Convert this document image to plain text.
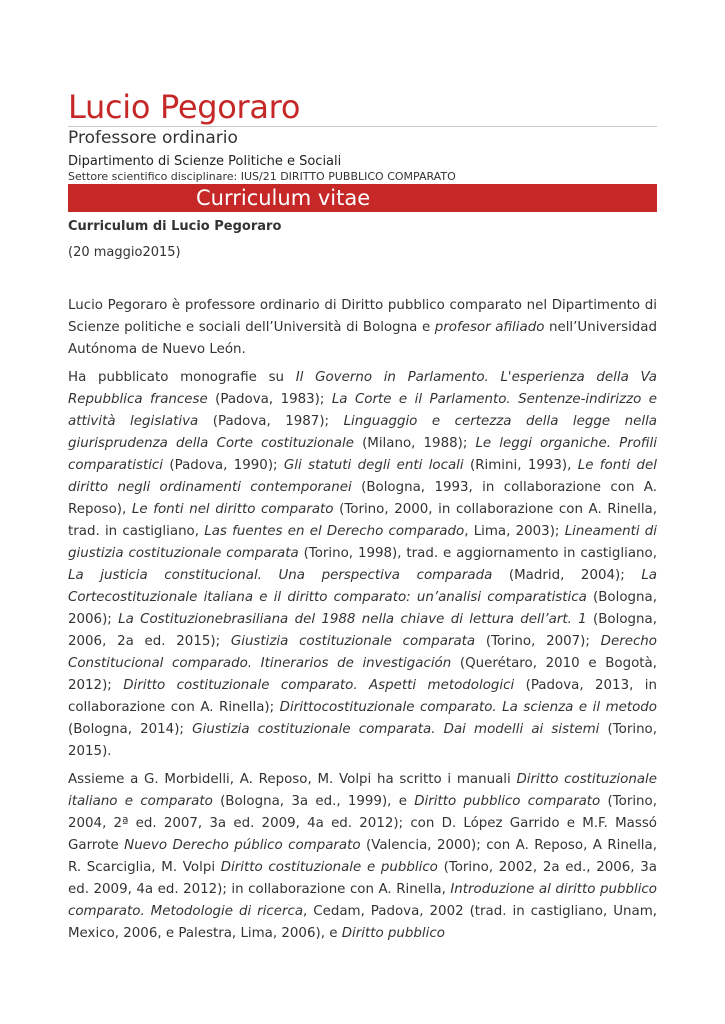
Lucio Pegoraro
Professore ordinario
Dipartimento di Scienze Politiche e Sociali
Settore scientifico disciplinare: IUS/21 DIRITTO PUBBLICO COMPARATO
Curriculum vitae
Curriculum di Lucio Pegoraro
(20 maggio2015)

Lucio Pegoraro è professore ordinario di Diritto pubblico comparato nel Dipartimento di Scienze politiche e sociali dell’Università di Bologna e profesor afiliado nell’Universidad Autónoma de Nuevo León.

Ha pubblicato monografie su Il Governo in Parlamento. L'esperienza della Va Repubblica francese (Padova, 1983); La Corte e il Parlamento. Sentenze-indirizzo e attività legislativa (Padova, 1987); Linguaggio e certezza della legge nella giurisprudenza della Corte costituzionale (Milano, 1988); Le leggi organiche. Profili comparatistici (Padova, 1990); Gli statuti degli enti locali (Rimini, 1993), Le fonti del diritto negli ordinamenti contemporanei (Bologna, 1993, in collaborazione con A. Reposo), Le fonti nel diritto comparato (Torino, 2000, in collaborazione con A. Rinella, trad. in castigliano, Las fuentes en el Derecho comparado, Lima, 2003); Lineamenti di giustizia costituzionale comparata (Torino, 1998), trad. e aggiornamento in castigliano, La justicia constitucional. Una perspectiva comparada (Madrid, 2004); La Cortecostituzionale italiana e il diritto comparato: un’analisi comparatistica (Bologna, 2006); La Costituzionebrasiliana del 1988 nella chiave di lettura dell’art. 1 (Bologna, 2006, 2a ed. 2015); Giustizia costituzionale comparata (Torino, 2007); Derecho Constitucional comparado. Itinerarios de investigación (Querétaro, 2010 e Bogotà, 2012); Diritto costituzionale comparato. Aspetti metodologici (Padova, 2013, in collaborazione con A. Rinella); Dirittocostituzionale comparato. La scienza e il metodo (Bologna, 2014); Giustizia costituzionale comparata. Dai modelli ai sistemi (Torino, 2015).

Assieme a G. Morbidelli, A. Reposo, M. Volpi ha scritto i manuali Diritto costituzionale italiano e comparato (Bologna, 3a ed., 1999), e Diritto pubblico comparato (Torino, 2004, 2ª ed. 2007, 3a ed. 2009, 4a ed. 2012); con D. López Garrido e M.F. Massó Garrote Nuevo Derecho público comparato (Valencia, 2000); con A. Reposo, A Rinella, R. Scarciglia, M. Volpi Diritto costituzionale e pubblico (Torino, 2002, 2a ed., 2006, 3a ed. 2009, 4a ed. 2012); in collaborazione con A. Rinella, Introduzione al diritto pubblico comparato. Metodologie di ricerca, Cedam, Padova, 2002 (trad. in castigliano, Unam, Mexico, 2006, e Palestra, Lima, 2006), e Diritto pubblico
